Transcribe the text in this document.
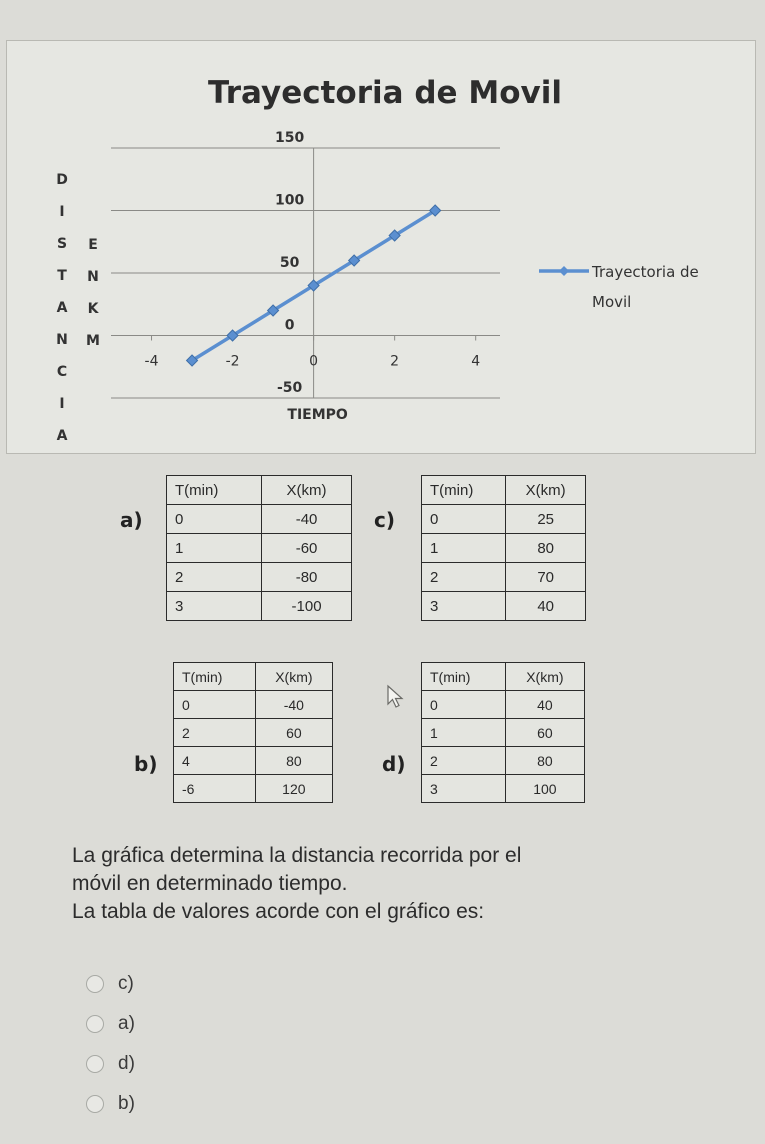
Trayectoria de Movil
-50
0
50
100
150
-4	-2	0	2	4
TIEMPO
D
I
S
T
A
N
C
I
A
E
N
K
M
Trayectoria de
Movil
a)
T(min)	X(km)
0	-40
1	-60
2	-80
3	-100
c)
T(min)	X(km)
0	25
1	80
2	70
3	40
b)
T(min)	X(km)
0	-40
2	60
4	80
-6	120
d)
T(min)	X(km)
0	40
1	60
2	80
3	100
La gráfica determina la distancia recorrida por el
móvil en determinado tiempo.
La tabla de valores acorde con el gráfico es:
c)
a)
d)
b)
